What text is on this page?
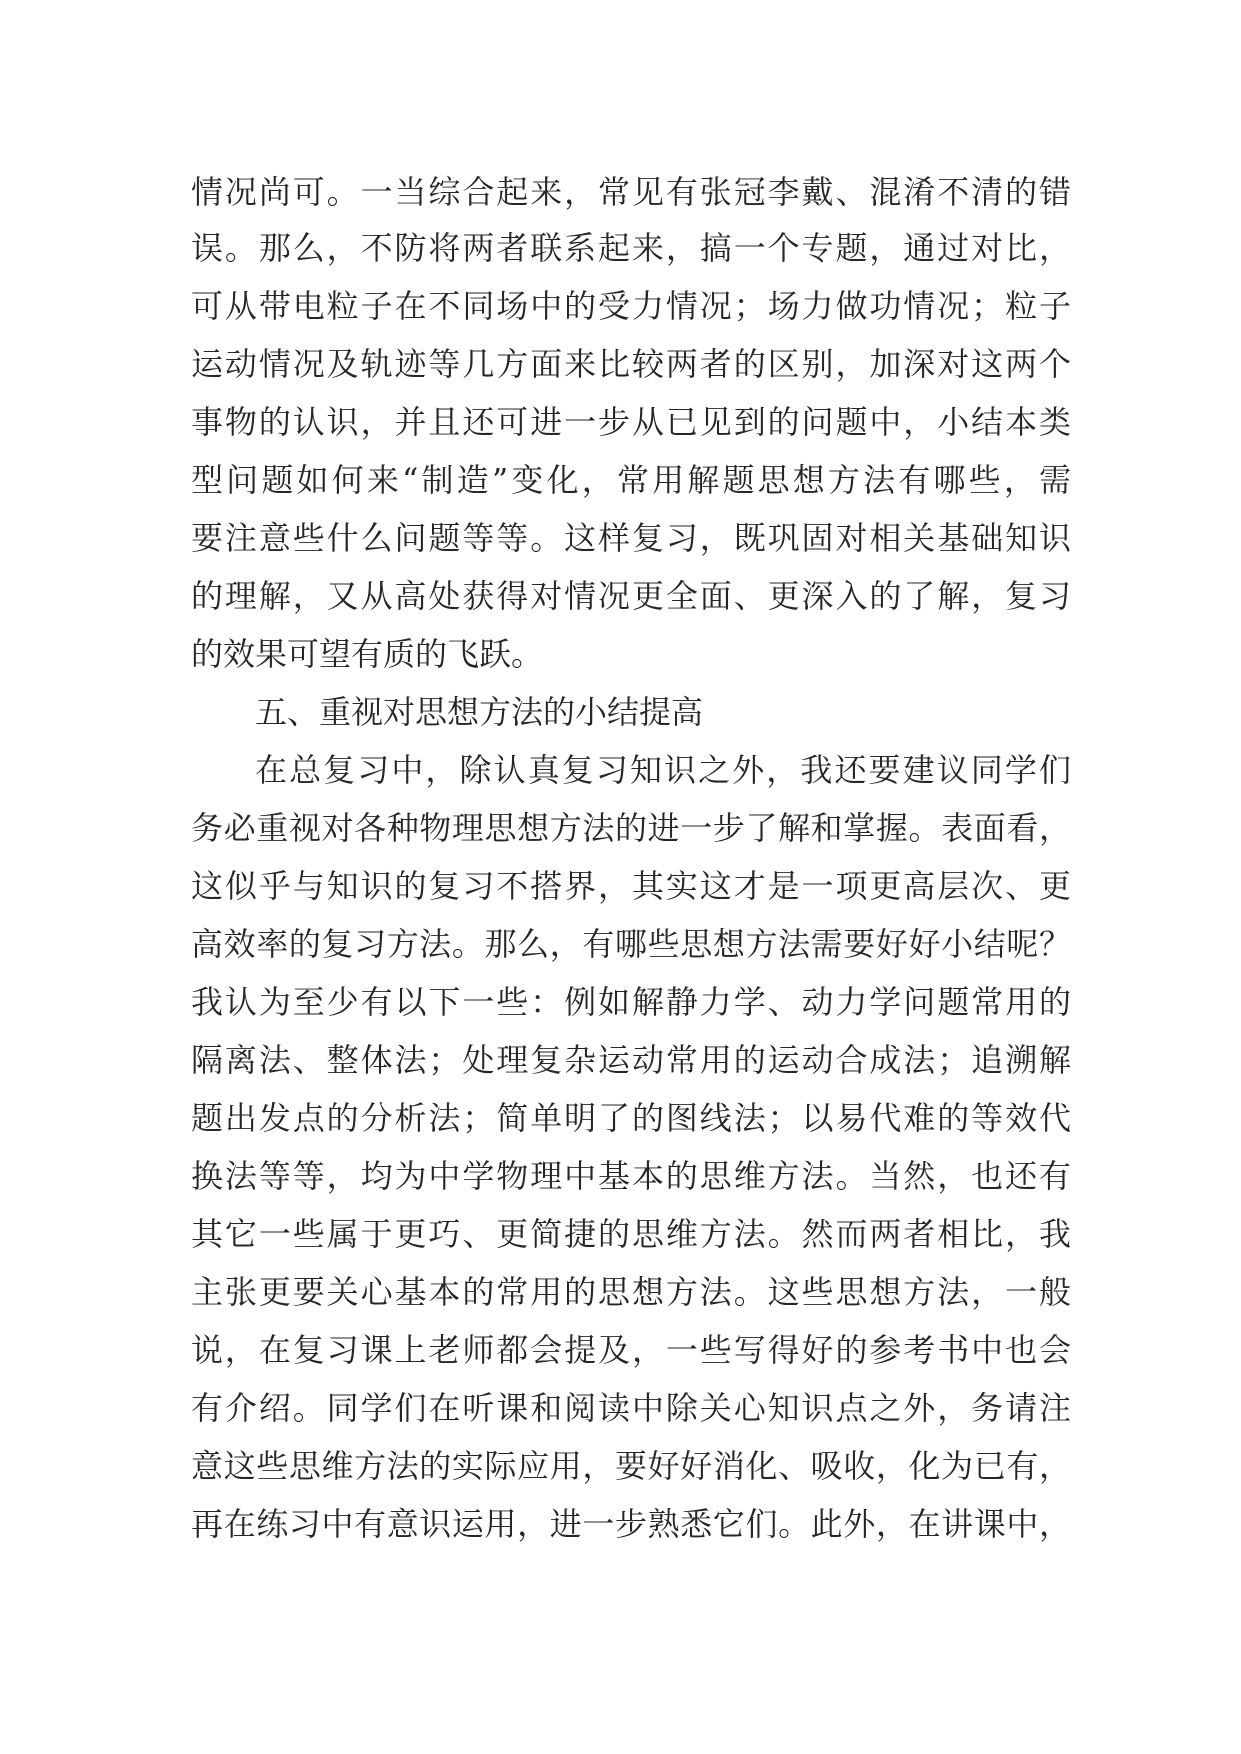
情况尚可。一当综合起来，常见有张冠李戴、混淆不清的错
误。那么，不防将两者联系起来，搞一个专题，通过对比，
可从带电粒子在不同场中的受力情况；场力做功情况；粒子
运动情况及轨迹等几方面来比较两者的区别，加深对这两个
事物的认识，并且还可进一步从已见到的问题中，小结本类
型问题如何来“制造”变化，常用解题思想方法有哪些，需
要注意些什么问题等等。这样复习，既巩固对相关基础知识
的理解，又从高处获得对情况更全面、更深入的了解，复习
的效果可望有质的飞跃。
五、重视对思想方法的小结提高
在总复习中，除认真复习知识之外，我还要建议同学们
务必重视对各种物理思想方法的进一步了解和掌握。表面看，
这似乎与知识的复习不搭界，其实这才是一项更高层次、更
高效率的复习方法。那么，有哪些思想方法需要好好小结呢？
我认为至少有以下一些：例如解静力学、动力学问题常用的
隔离法、整体法；处理复杂运动常用的运动合成法；追溯解
题出发点的分析法；简单明了的图线法；以易代难的等效代
换法等等，均为中学物理中基本的思维方法。当然，也还有
其它一些属于更巧、更简捷的思维方法。然而两者相比，我
主张更要关心基本的常用的思想方法。这些思想方法，一般
说，在复习课上老师都会提及，一些写得好的参考书中也会
有介绍。同学们在听课和阅读中除关心知识点之外，务请注
意这些思维方法的实际应用，要好好消化、吸收，化为已有，
再在练习中有意识运用，进一步熟悉它们。此外，在讲课中，
